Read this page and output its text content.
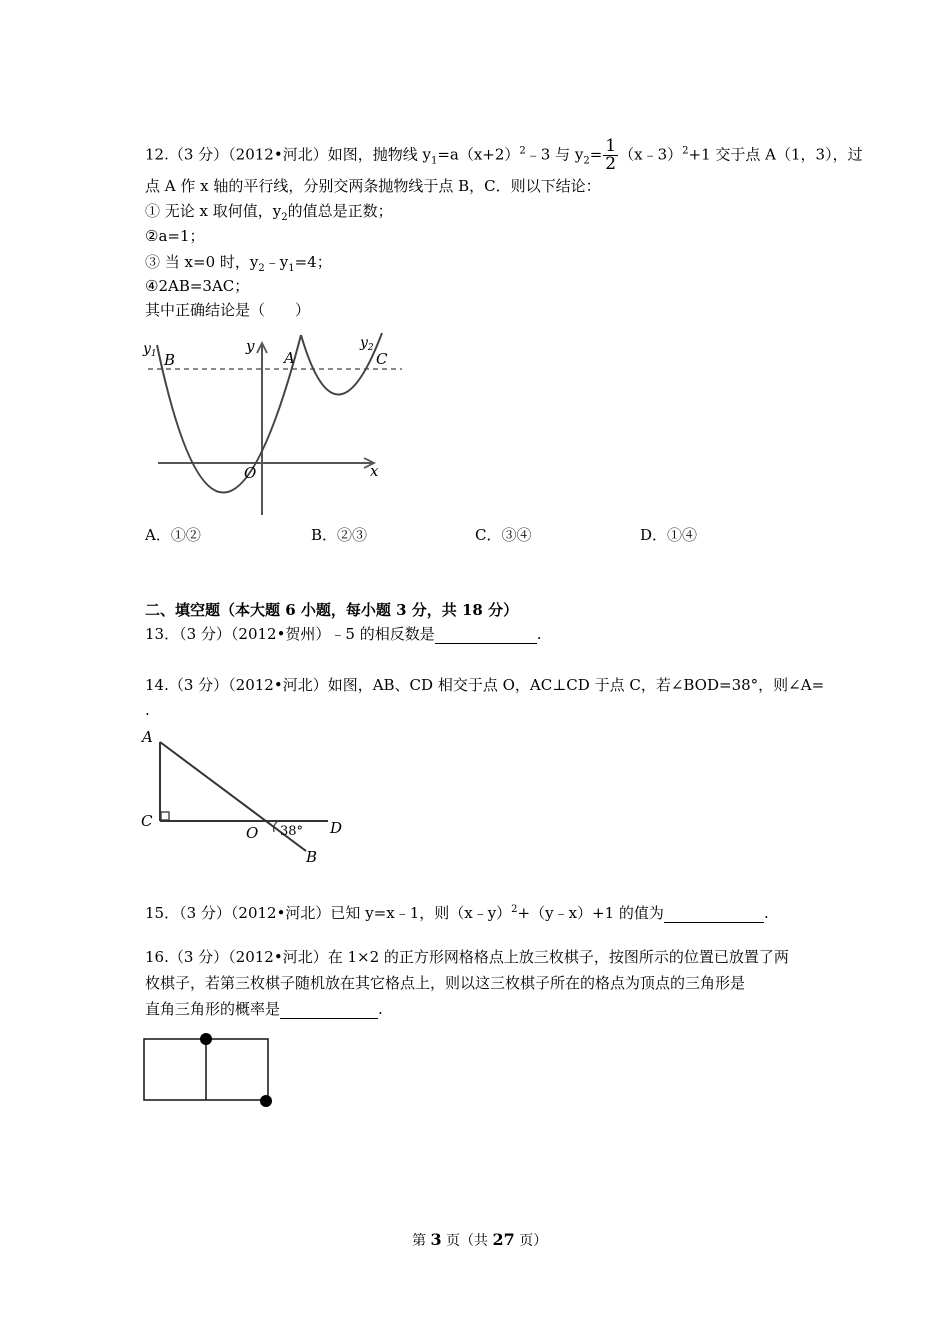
12.（3 分）（2012•河北）如图，抛物线 $y_1=a(x+2)^2﹣3$ 与 $y_2= \frac{1}{2}$ （x﹣3）$^2$+1 交于点 A（1，3），过
点 A 作 x 轴的平行线，分别交两条抛物线于点 B，C．则以下结论：
① 无论 x 取何值，$y_2$的值总是正数；
②a=1；
③ 当 x=0 时，$y_2﹣y_1=4$；
④2AB=3AC；
其中正确结论是（　　）
$y_1$ B
y
A
$y_2$
C
O	x
A．①②	B．②③	C．③④	D．①④
二、填空题（本大题 6 小题，每小题 3 分，共 18 分）
13．（3 分）（2012•贺州）﹣5 的相反数是	.
14.（3 分）（2012•河北）如图，AB、CD 相交于点 O，AC⊥CD 于点 C，若∠BOD=38°，则∠A=
.
A
C
O 38° D
B
15．（3 分）（2012•河北）已知 y=x﹣1，则（x﹣y）$^2$+（y﹣x）+1 的值为	.
16.（3 分）（2012•河北）在 1×2 的正方形网格格点上放三枚棋子，按图所示的位置已放置了两
枚棋子，若第三枚棋子随机放在其它格点上，则以这三枚棋子所在的格点为顶点的三角形是
直角三角形的概率是	.
第 3 页（共 27 页）
